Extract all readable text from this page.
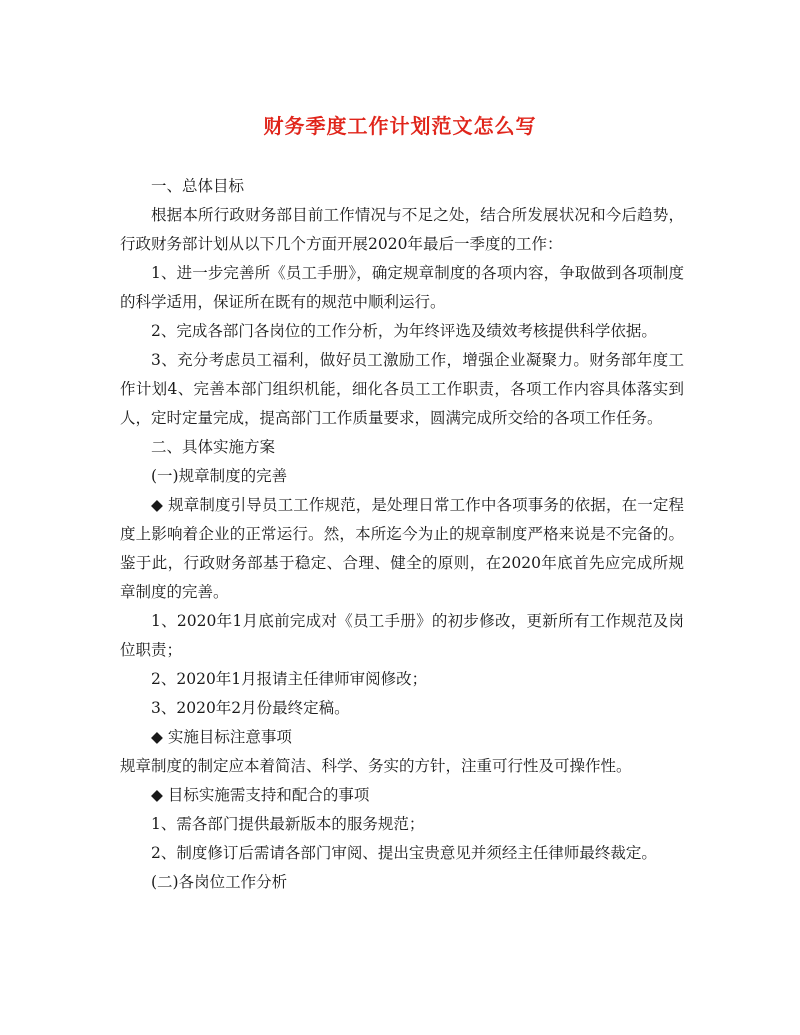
财务季度工作计划范文怎么写

一、总体目标

根据本所行政财务部目前工作情况与不足之处，结合所发展状况和今后趋势，行政财务部计划从以下几个方面开展2020年最后一季度的工作：

1、进一步完善所《员工手册》，确定规章制度的各项内容，争取做到各项制度的科学适用，保证所在既有的规范中顺利运行。

2、完成各部门各岗位的工作分析，为年终评选及绩效考核提供科学依据。

3、充分考虑员工福利，做好员工激励工作，增强企业凝聚力。财务部年度工作计划4、完善本部门组织机能，细化各员工工作职责，各项工作内容具体落实到人，定时定量完成，提高部门工作质量要求，圆满完成所交给的各项工作任务。

二、具体实施方案

(一)规章制度的完善

◆ 规章制度引导员工工作规范，是处理日常工作中各项事务的依据，在一定程度上影响着企业的正常运行。然，本所迄今为止的规章制度严格来说是不完备的。鉴于此，行政财务部基于稳定、合理、健全的原则，在2020年底首先应完成所规章制度的完善。

1、2020年1月底前完成对《员工手册》的初步修改，更新所有工作规范及岗位职责；

2、2020年1月报请主任律师审阅修改；

3、2020年2月份最终定稿。

◆ 实施目标注意事项

规章制度的制定应本着简洁、科学、务实的方针，注重可行性及可操作性。

◆ 目标实施需支持和配合的事项

1、需各部门提供最新版本的服务规范；

2、制度修订后需请各部门审阅、提出宝贵意见并须经主任律师最终裁定。

(二)各岗位工作分析
